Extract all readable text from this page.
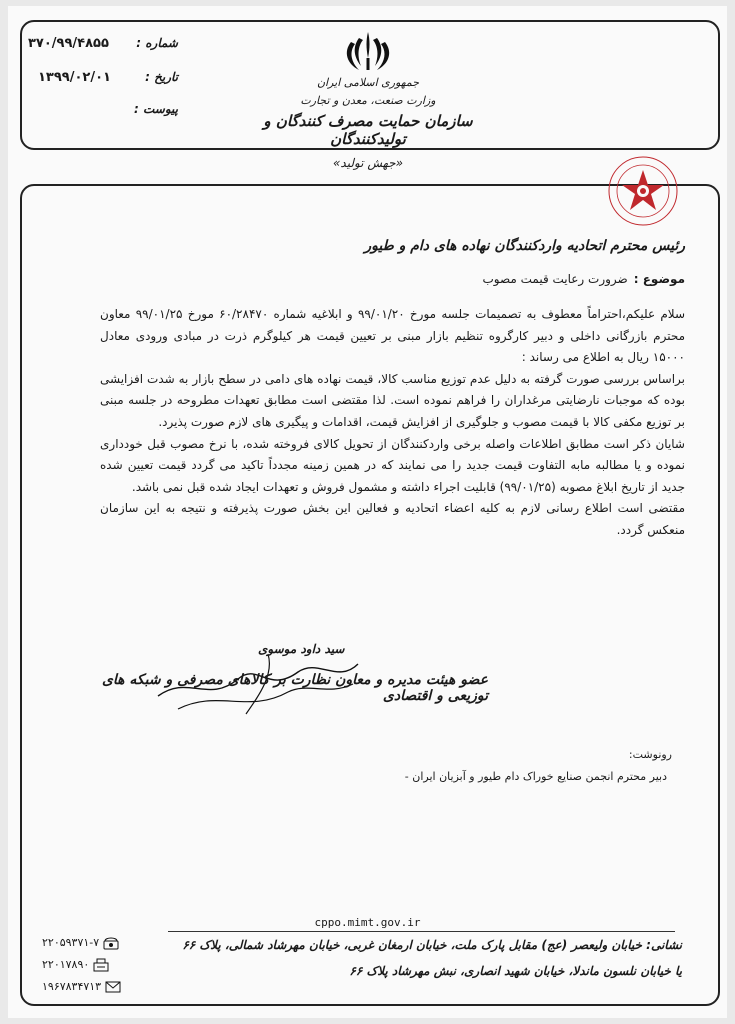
۳۷۰/۹۹/۴۸۵۵ شماره :
۱۳۹۹/۰۲/۰۱	تاریخ :
پیوست :
جمهوری اسلامی ایران
وزارت صنعت، معدن و تجارت
سازمان حمایت مصرف کنندگان و تولیدکنندگان
«جهش تولید»
رئیس محترم اتحادیه واردکنندگان نهاده های دام و طیور
موضوع :ضرورت رعایت قیمت مصوب

سلام علیکم،احتراماً معطوف به تصمیمات جلسه مورخ ۹۹/۰۱/۲۰ و ابلاغیه شماره ۶۰/۲۸۴۷۰ مورخ ۹۹/۰۱/۲۵ معاون محترم بازرگانی داخلی و دبیر کارگروه تنظیم بازار مبنی بر تعیین قیمت هر کیلوگرم ذرت در مبادی ورودی معادل ۱۵۰۰۰ ریال به اطلاع می رساند :

براساس بررسی صورت گرفته به دلیل عدم توزیع مناسب کالا، قیمت نهاده های دامی در سطح بازار به شدت افزایشی بوده که موجبات نارضایتی مرغداران را فراهم نموده است. لذا مقتضی است مطابق تعهدات مطروحه در جلسه مبنی بر توزیع مکفی کالا با قیمت مصوب و جلوگیری از افزایش قیمت، اقدامات و پیگیری های لازم صورت پذیرد.

شایان ذکر است مطابق اطلاعات واصله برخی واردکنندگان از تحویل کالای فروخته شده، با نرخ مصوب قبل خودداری نموده و یا مطالبه مابه التفاوت قیمت جدید را می نمایند که در همین زمینه مجدداً تاکید می گردد قیمت تعیین شده جدید از تاریخ ابلاغ مصوبه (۹۹/۰۱/۲۵) قابلیت اجراء داشته و مشمول فروش و تعهدات ایجاد شده قبل نمی باشد.

مقتضی است اطلاع رسانی لازم به کلیه اعضاء اتحادیه و فعالین این بخش صورت پذیرفته و نتیجه به این سازمان منعکس گردد.

سید داود موسوی
عضو هیئت مدیره و معاون نظارت بر کالاهای مصرفی و شبکه های توزیعی و اقتصادی
رونوشت:
دبیر محترم انجمن صنایع خوراک دام طیور و آبزیان ایران -
cppo.mimt.gov.ir
نشانی: خیابان ولیعصر (عج) مقابل پارک ملت، خیابان ارمغان غربی، خیابان مهرشاد شمالی، پلاک ۶۶
یا خیابان نلسون ماندلا، خیابان شهید انصاری، نبش مهرشاد پلاک ۶۶
۲۲۰۵۹۳۷۱-۷
۲۲۰۱۷۸۹۰
۱۹۶۷۸۳۴۷۱۳
